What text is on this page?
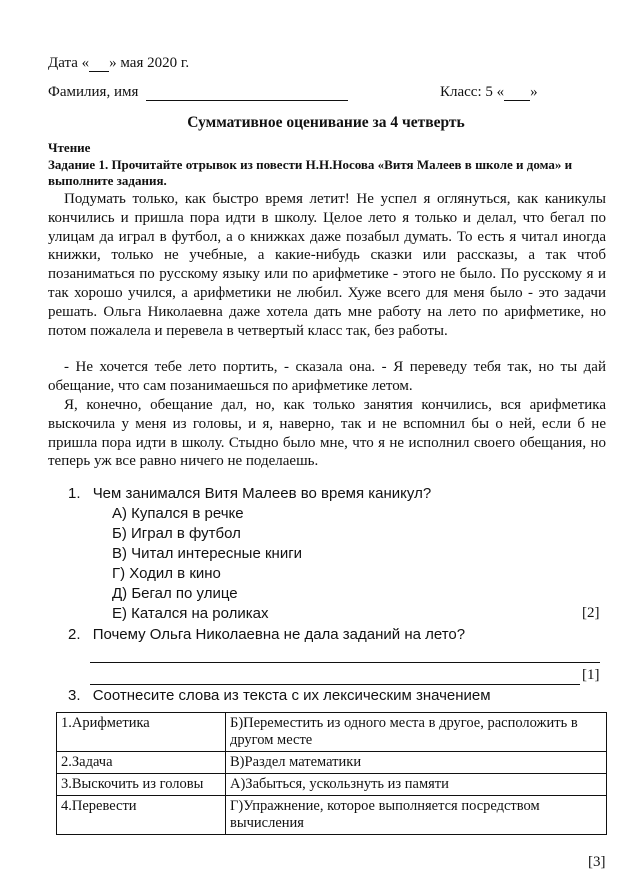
Дата « » мая 2020 г.
Фамилия, имя	Класс: 5 « »
Суммативное оценивание за 4 четверть
Чтение
Задание 1. Прочитайте отрывок из повести Н.Н.Носова «Витя Малеев в школе и дома» и выполните задания.
Подумать только, как быстро время летит! Не успел я оглянуться, как каникулы кончились и пришла пора идти в школу. Целое лето я только и делал, что бегал по улицам да играл в футбол, а о книжках даже позабыл думать. То есть я читал иногда книжки, только не учебные, а какие-нибудь сказки или рассказы, а так чтоб позаниматься по русскому языку или по арифметике - этого не было. По русскому я и так хорошо учился, а арифметики не любил. Хуже всего для меня было - это задачи решать. Ольга Николаевна даже хотела дать мне работу на лето по арифметике, но потом пожалела и перевела в четвертый класс так, без работы.
- Не хочется тебе лето портить, - сказала она. - Я переведу тебя так, но ты дай обещание, что сам позанимаешься по арифметике летом.
Я, конечно, обещание дал, но, как только занятия кончились, вся арифметика выскочила у меня из головы, и я, наверно, так и не вспомнил бы о ней, если б не пришла пора идти в школу. Стыдно было мне, что я не исполнил своего обещания, но теперь уж все равно ничего не поделаешь.
1. Чем занимался Витя Малеев во время каникул?
А) Купался в речке
Б) Играл в футбол
В) Читал интересные книги
Г) Ходил в кино
Д) Бегал по улице
Е) Катался на роликах	[2]
2. Почему Ольга Николаевна не дала заданий на лето?
[1]
3. Соотнесите слова из текста с их лексическим значением
1.Арифметика	Б)Переместить из одного места в другое, расположить в другом месте
2.Задача	В)Раздел математики
3.Выскочить из головы	А)Забыться, ускользнуть из памяти
4.Перевести	Г)Упражнение, которое выполняется посредством вычисления
[3]
